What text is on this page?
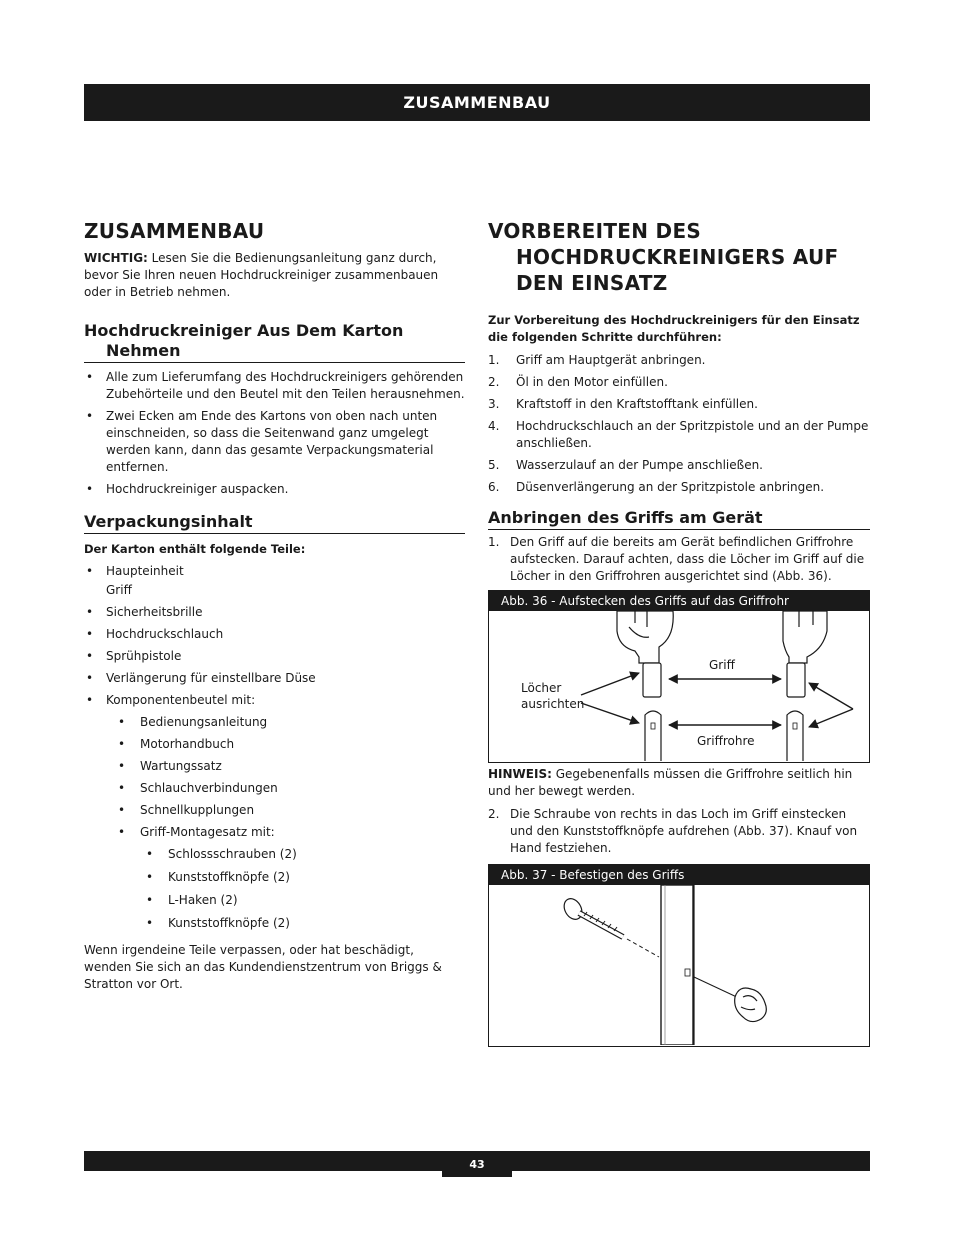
ZUSAMMENBAU
ZUSAMMENBAU

WICHTIG: Lesen Sie die Bedienungsanleitung ganz durch, bevor Sie Ihren neuen Hochdruckreiniger zusammenbauen oder in Betrieb nehmen.

Hochdruckreiniger Aus Dem Karton
Nehmen
• Alle zum Lieferumfang des Hochdruckreinigers gehörenden Zubehörteile und den Beutel mit den Teilen herausnehmen.
• Zwei Ecken am Ende des Kartons von oben nach unten einschneiden, so dass die Seitenwand ganz umgelegt werden kann, dann das gesamte Verpackungsmaterial entfernen.
• Hochdruckreiniger auspacken.
Verpackungsinhalt

Der Karton enthält folgende Teile:

• Haupteinheit
Griff
• Sicherheitsbrille
• Hochdruckschlauch
• Sprühpistole
• Verlängerung für einstellbare Düse
• Komponentenbeutel mit:
• Bedienungsanleitung
• Motorhandbuch
• Wartungssatz
• Schlauchverbindungen
• Schnellkupplungen
• Griff-Montagesatz mit:
• Schlossschrauben (2)
• Kunststoffknöpfe (2)
• L-Haken (2)
• Kunststoffknöpfe (2)

Wenn irgendeine Teile verpassen, oder hat beschädigt, wenden Sie sich an das Kundendienstzentrum von Briggs & Stratton vor Ort.

VORBEREITEN DES
HOCHDRUCKREINIGERS AUF
DEN EINSATZ

Zur Vorbereitung des Hochdruckreinigers für den Einsatz die folgenden Schritte durchführen:

1. Griff am Hauptgerät anbringen.
2. Öl in den Motor einfüllen.
3. Kraftstoff in den Kraftstofftank einfüllen.
4. Hochdruckschlauch an der Spritzpistole und an der Pumpe anschließen.
5. Wasserzulauf an der Pumpe anschließen.
6. Düsenverlängerung an der Spritzpistole anbringen.
Anbringen des Griffs am Gerät
1. Den Griff auf die bereits am Gerät befindlichen Griffrohre aufstecken. Darauf achten, dass die Löcher im Griff auf die Löcher in den Griffrohren ausgerichtet sind (Abb. 36).
Abb. 36 - Aufstecken des Griffs auf das Griffrohr
Griff
Löcher
ausrichten
Griffrohre

HINWEIS: Gegebenenfalls müssen die Griffrohre seitlich hin und her bewegt werden.

2. Die Schraube von rechts in das Loch im Griff einstecken und den Kunststoffknöpfe aufdrehen (Abb. 37). Knauf von Hand festziehen.
Abb. 37 - Befestigen des Griffs
43
